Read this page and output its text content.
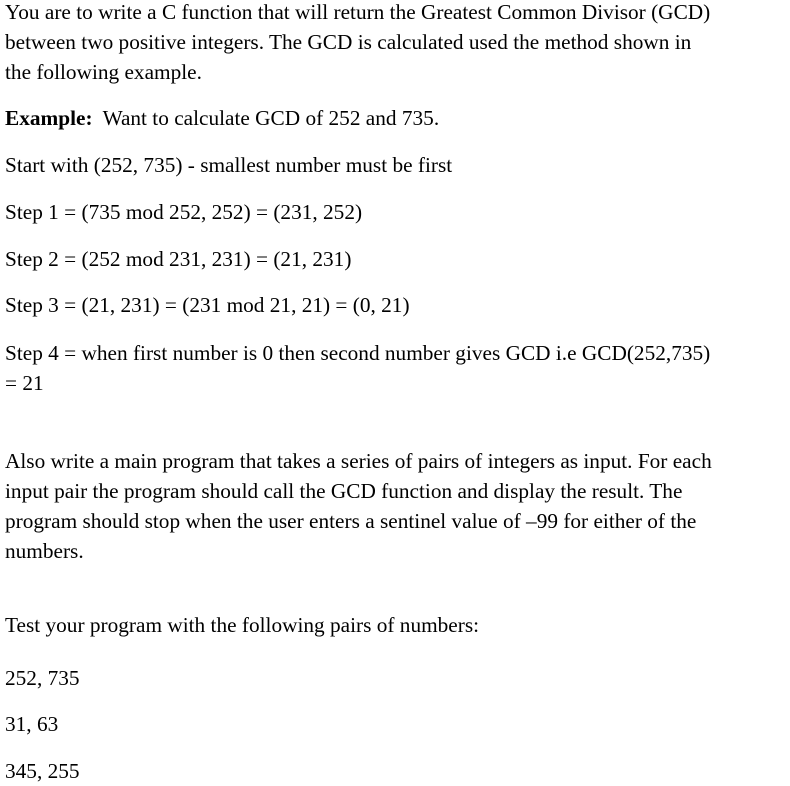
You are to write a C function that will return the Greatest Common Divisor (GCD)
between two positive integers. The GCD is calculated used the method shown in
the following example.
Example: Want to calculate GCD of 252 and 735.
Start with (252, 735) - smallest number must be first
Step 1 = (735 mod 252, 252) = (231, 252)
Step 2 = (252 mod 231, 231) = (21, 231)
Step 3 = (21, 231) = (231 mod 21, 21) = (0, 21)
Step 4 = when first number is 0 then second number gives GCD i.e GCD(252,735)
= 21
Also write a main program that takes a series of pairs of integers as input. For each
input pair the program should call the GCD function and display the result. The
program should stop when the user enters a sentinel value of –99 for either of the
numbers.
Test your program with the following pairs of numbers:
252, 735
31, 63
345, 255
